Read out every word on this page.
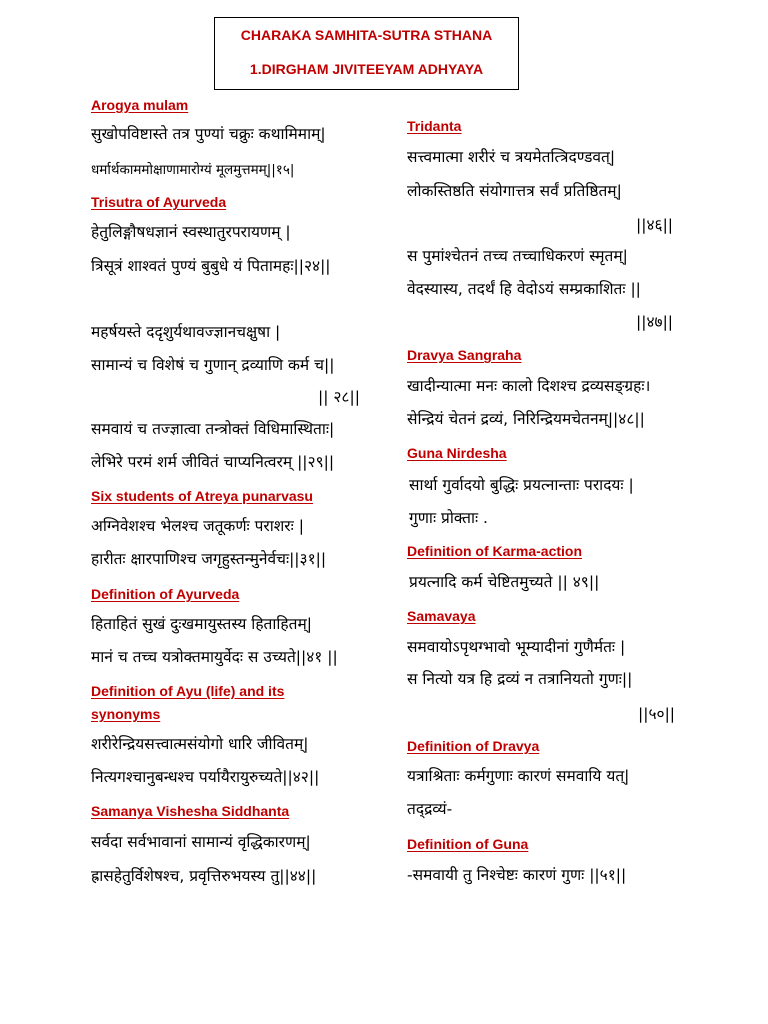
CHARAKA SAMHITA-SUTRA STHANA
1.DIRGHAM JIVITEEYAM ADHYAYA
Arogya mulam
सुखोपविष्टास्ते तत्र पुण्यां चक्रुः कथामिमाम्|
धर्मार्थकाममोक्षाणामारोग्यं मूलमुत्तमम्||१५|
Trisutra of Ayurveda
हेतुलिङ्गौषधज्ञानं स्वस्थातुरपरायणम् |
त्रिसूत्रं शाश्वतं पुण्यं बुबुधे यं पितामहः||२४||
महर्षयस्ते ददृशुर्यथावज्ज्ञानचक्षुषा |
सामान्यं च विशेषं च गुणान् द्रव्याणि कर्म च||
|| २८||
समवायं च तज्ज्ञात्वा तन्त्रोक्तं विधिमास्थिताः|
लेभिरे परमं शर्म जीवितं चाप्यनित्वरम् ||२९||
Six students of Atreya punarvasu
अग्निवेशश्च भेलश्च जतूकर्णः पराशरः |
हारीतः क्षारपाणिश्च जगृहुस्तन्मुनेर्वचः||३१||
Definition of Ayurveda
हिताहितं सुखं दुःखमायुस्तस्य हिताहितम्|
मानं च तच्च यत्रोक्तमायुर्वेदः स उच्यते||४१ ||
Definition of Ayu (life) and its
synonyms
शरीरेन्द्रियसत्त्वात्मसंयोगो धारि जीवितम्|
नित्यगश्चानुबन्धश्च पर्यायैरायुरुच्यते||४२||
Samanya Vishesha Siddhanta
सर्वदा सर्वभावानां सामान्यं वृद्धिकारणम्|
ह्रासहेतुर्विशेषश्च, प्रवृत्तिरुभयस्य तु||४४||
Tridanta
सत्त्वमात्मा शरीरं च त्रयमेतत्त्रिदण्डवत्|
लोकस्तिष्ठति संयोगात्तत्र सर्वं प्रतिष्ठितम्|
||४६||
स पुमांश्चेतनं तच्च तच्चाधिकरणं स्मृतम्|
वेदस्यास्य, तदर्थं हि वेदोऽयं सम्प्रकाशितः ||
||४७||
Dravya Sangraha
खादीन्यात्मा मनः कालो दिशश्च द्रव्यसङ्ग्रहः।
सेन्द्रियं चेतनं द्रव्यं, निरिन्द्रियमचेतनम्||४८||
Guna Nirdesha
सार्था गुर्वादयो बुद्धिः प्रयत्नान्ताः परादयः |
गुणाः प्रोक्ताः .
Definition of Karma-action
प्रयत्नादि कर्म चेष्टितमुच्यते || ४९||
Samavaya
समवायोऽपृथग्भावो भूम्यादीनां गुणैर्मतः |
स नित्यो यत्र हि द्रव्यं न तत्रानियतो गुणः||
||५०||
Definition of Dravya
यत्राश्रिताः कर्मगुणाः कारणं समवायि यत्|
तद्द्रव्यं-
Definition of Guna
-समवायी तु निश्चेष्टः कारणं गुणः ||५१||
